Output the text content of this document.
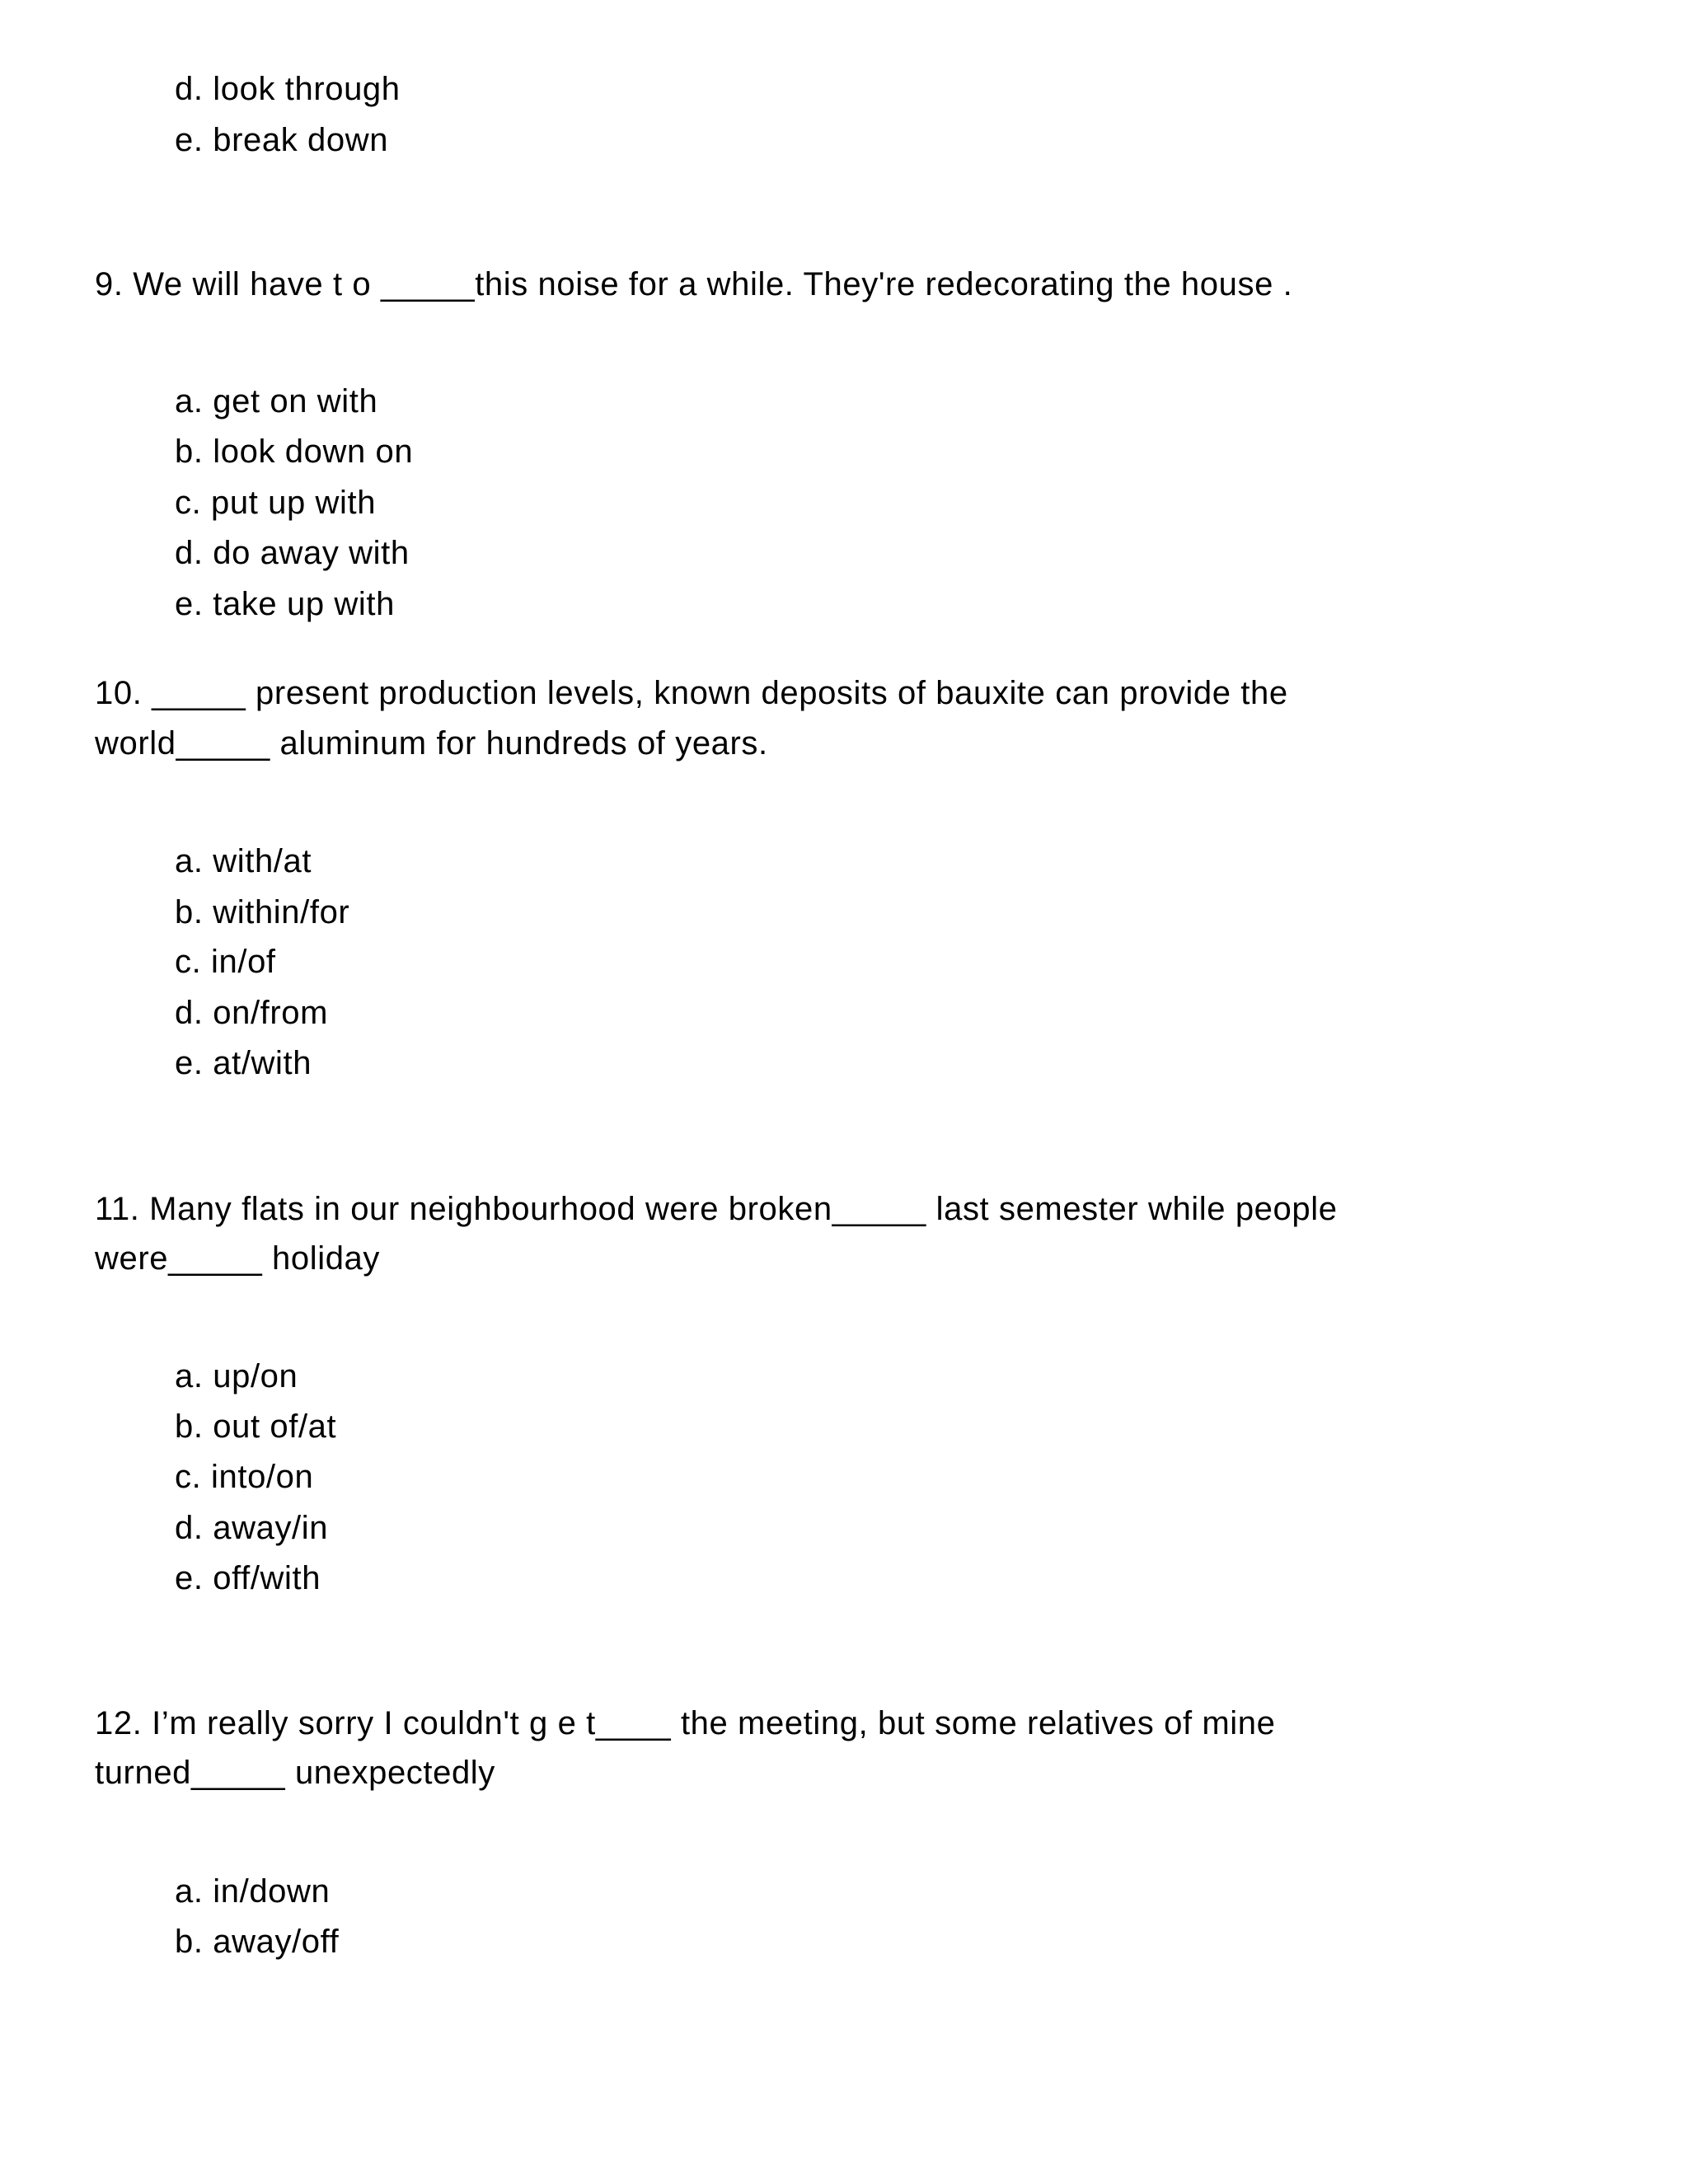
d. look through
e. break down
9. We will have t o _____this noise for a while. They're redecorating the house .
a. get on with
b. look down on
c. put up with
d. do away with
e. take up with
10. _____ present production levels, known deposits of bauxite can provide the
world_____ aluminum for hundreds of years.
a. with/at
b. within/for
c. in/of
d. on/from
e. at/with
11. Many flats in our neighbourhood were broken_____ last semester while people
were_____ holiday
a. up/on
b. out of/at
c. into/on
d. away/in
e. off/with
12. I’m really sorry I couldn't g e t____ the meeting, but some relatives of mine
turned_____ unexpectedly
a. in/down
b. away/off
